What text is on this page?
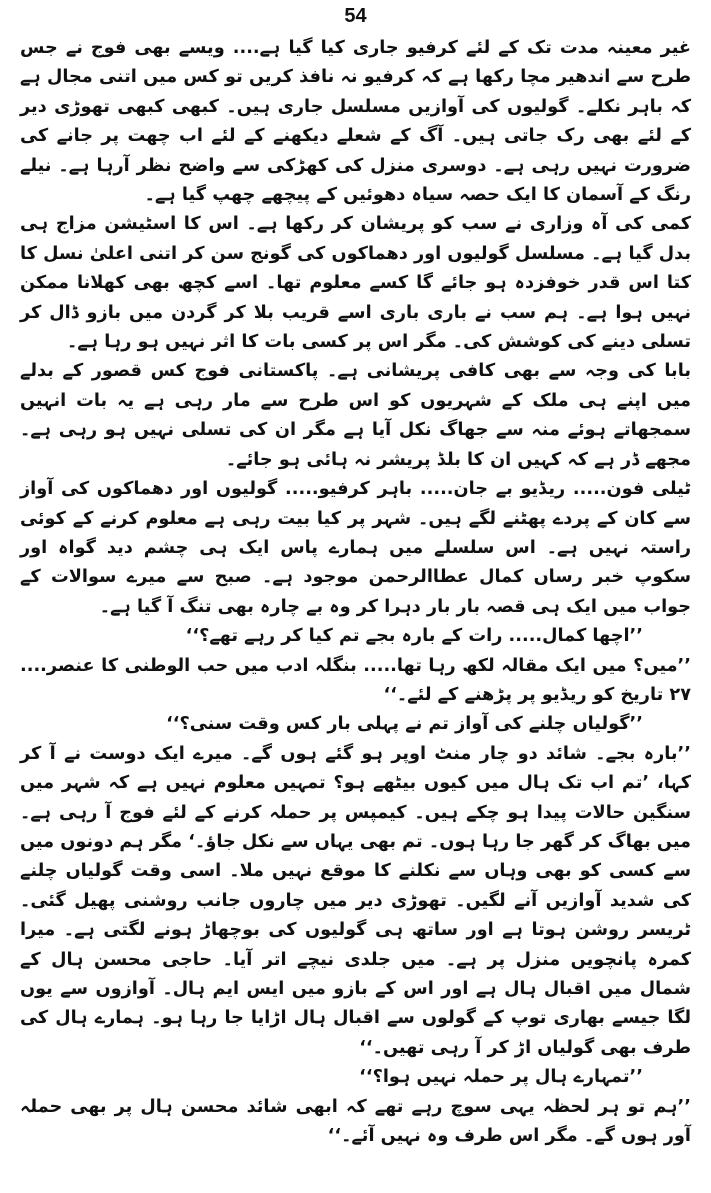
54

غیر معینہ مدت تک کے لئے کرفیو جاری کیا گیا ہے.... ویسے بھی فوج نے جس طرح سے اندھیر مچا رکھا ہے کہ کرفیو نہ نافذ کریں تو کس میں اتنی مجال ہے کہ باہر نکلے۔ گولیوں کی آوازیں مسلسل جاری ہیں۔ کبھی کبھی تھوڑی دیر کے لئے بھی رک جاتی ہیں۔ آگ کے شعلے دیکھنے کے لئے اب چھت پر جانے کی ضرورت نہیں رہی ہے۔ دوسری منزل کی کھڑکی سے واضح نظر آرہا ہے۔ نیلے رنگ کے آسمان کا ایک حصہ سیاہ دھوئیں کے پیچھے چھپ گیا ہے۔

کمی کی آہ وزاری نے سب کو پریشان کر رکھا ہے۔ اس کا اسٹیشن مزاج ہی بدل گیا ہے۔ مسلسل گولیوں اور دھماکوں کی گونج سن کر اتنی اعلیٰ نسل کا کتا اس قدر خوفزدہ ہو جائے گا کسے معلوم تھا۔ اسے کچھ بھی کھلانا ممکن نہیں ہوا ہے۔ ہم سب نے باری باری اسے قریب بلا کر گردن میں بازو ڈال کر تسلی دینے کی کوشش کی۔ مگر اس پر کسی بات کا اثر نہیں ہو رہا ہے۔

بابا کی وجہ سے بھی کافی پریشانی ہے۔ پاکستانی فوج کس قصور کے بدلے میں اپنے ہی ملک کے شہریوں کو اس طرح سے مار رہی ہے یہ بات انہیں سمجھاتے ہوئے منہ سے جھاگ نکل آیا ہے مگر ان کی تسلی نہیں ہو رہی ہے۔ مجھے ڈر ہے کہ کہیں ان کا بلڈ پریشر نہ ہائی ہو جائے۔

ٹیلی فون..... ریڈیو بے جان..... باہر کرفیو..... گولیوں اور دھماکوں کی آواز سے کان کے پردے پھٹنے لگے ہیں۔ شہر پر کیا بیت رہی ہے معلوم کرنے کے کوئی راستہ نہیں ہے۔ اس سلسلے میں ہمارے پاس ایک ہی چشم دید گواہ اور سکوپ خبر رساں کمال عطاالرحمن موجود ہے۔ صبح سے میرے سوالات کے جواب میں ایک ہی قصہ بار بار دہرا کر وہ بے چارہ بھی تنگ آ گیا ہے۔

’’اچھا کمال..... رات کے بارہ بجے تم کیا کر رہے تھے؟‘‘

’’میں؟ میں ایک مقالہ لکھ رہا تھا..... بنگلہ ادب میں حب الوطنی کا عنصر.... ۲۷ تاریخ کو ریڈیو پر پڑھنے کے لئے۔‘‘

’’گولیاں چلنے کی آواز تم نے پہلی بار کس وقت سنی؟‘‘

’’بارہ بجے۔ شائد دو چار منٹ اوپر ہو گئے ہوں گے۔ میرے ایک دوست نے آ کر کہا، ’تم اب تک ہال میں کیوں بیٹھے ہو؟ تمہیں معلوم نہیں ہے کہ شہر میں سنگین حالات پیدا ہو چکے ہیں۔ کیمپس پر حملہ کرنے کے لئے فوج آ رہی ہے۔ میں بھاگ کر گھر جا رہا ہوں۔ تم بھی یہاں سے نکل جاؤ۔‘ مگر ہم دونوں میں سے کسی کو بھی وہاں سے نکلنے کا موقع نہیں ملا۔ اسی وقت گولیاں چلنے کی شدید آوازیں آنے لگیں۔ تھوڑی دیر میں چاروں جانب روشنی پھیل گئی۔ ٹریسر روشن ہوتا ہے اور ساتھ ہی گولیوں کی بوچھاڑ ہونے لگتی ہے۔ میرا کمرہ پانچویں منزل پر ہے۔ میں جلدی نیچے اتر آیا۔ حاجی محسن ہال کے شمال میں اقبال ہال ہے اور اس کے بازو میں ایس ایم ہال۔ آوازوں سے یوں لگا جیسے بھاری توپ کے گولوں سے اقبال ہال اڑایا جا رہا ہو۔ ہمارے ہال کی طرف بھی گولیاں اڑ کر آ رہی تھیں۔‘‘

’’تمہارے ہال پر حملہ نہیں ہوا؟‘‘

’’ہم تو ہر لحظہ یہی سوچ رہے تھے کہ ابھی شائد محسن ہال پر بھی حملہ آور ہوں گے۔ مگر اس طرف وہ نہیں آئے۔‘‘
